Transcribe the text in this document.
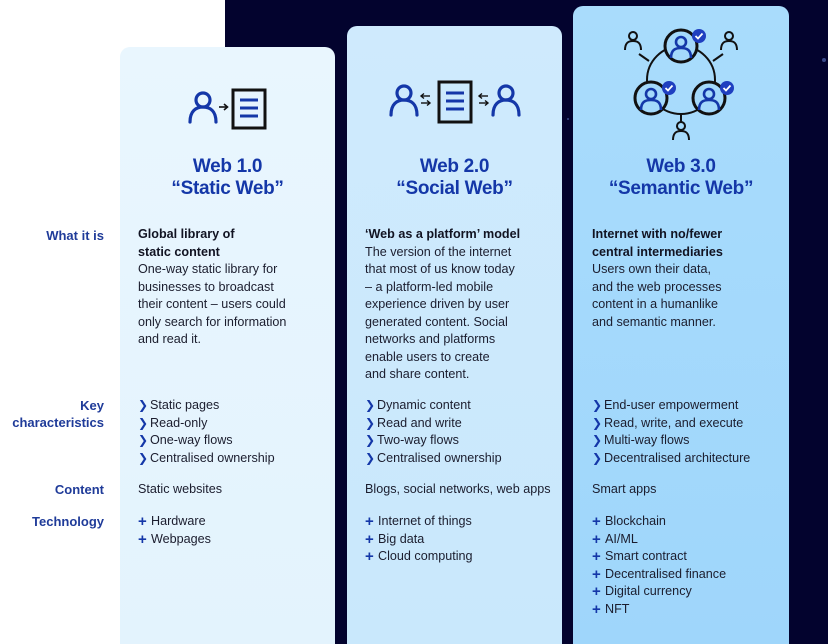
What it is
Key
characteristics
Content
Technology
Web 1.0
“Static Web”
Web 2.0
“Social Web”
Web 3.0
“Semantic Web”
Global library of
static content
One-way static library for
businesses to broadcast
their content – users could
only search for information
and read it.
❯ Static pages
❯ Read-only
❯ One-way flows
❯ Centralised ownership
Static websites
+ Hardware
+ Webpages
‘Web as a platform’ model
The version of the internet
that most of us know today
– a platform-led mobile
experience driven by user
generated content. Social
networks and platforms
enable users to create
and share content.
❯ Dynamic content
❯ Read and write
❯ Two-way flows
❯ Centralised ownership
Blogs, social networks, web apps
+ Internet of things
+ Big data
+ Cloud computing
Internet with no/fewer
central intermediaries
Users own their data,
and the web processes
content in a humanlike
and semantic manner.
❯ End-user empowerment
❯ Read, write, and execute
❯ Multi-way flows
❯ Decentralised architecture
Smart apps
+ Blockchain
+ AI/ML
+ Smart contract
+ Decentralised finance
+ Digital currency
+ NFT
